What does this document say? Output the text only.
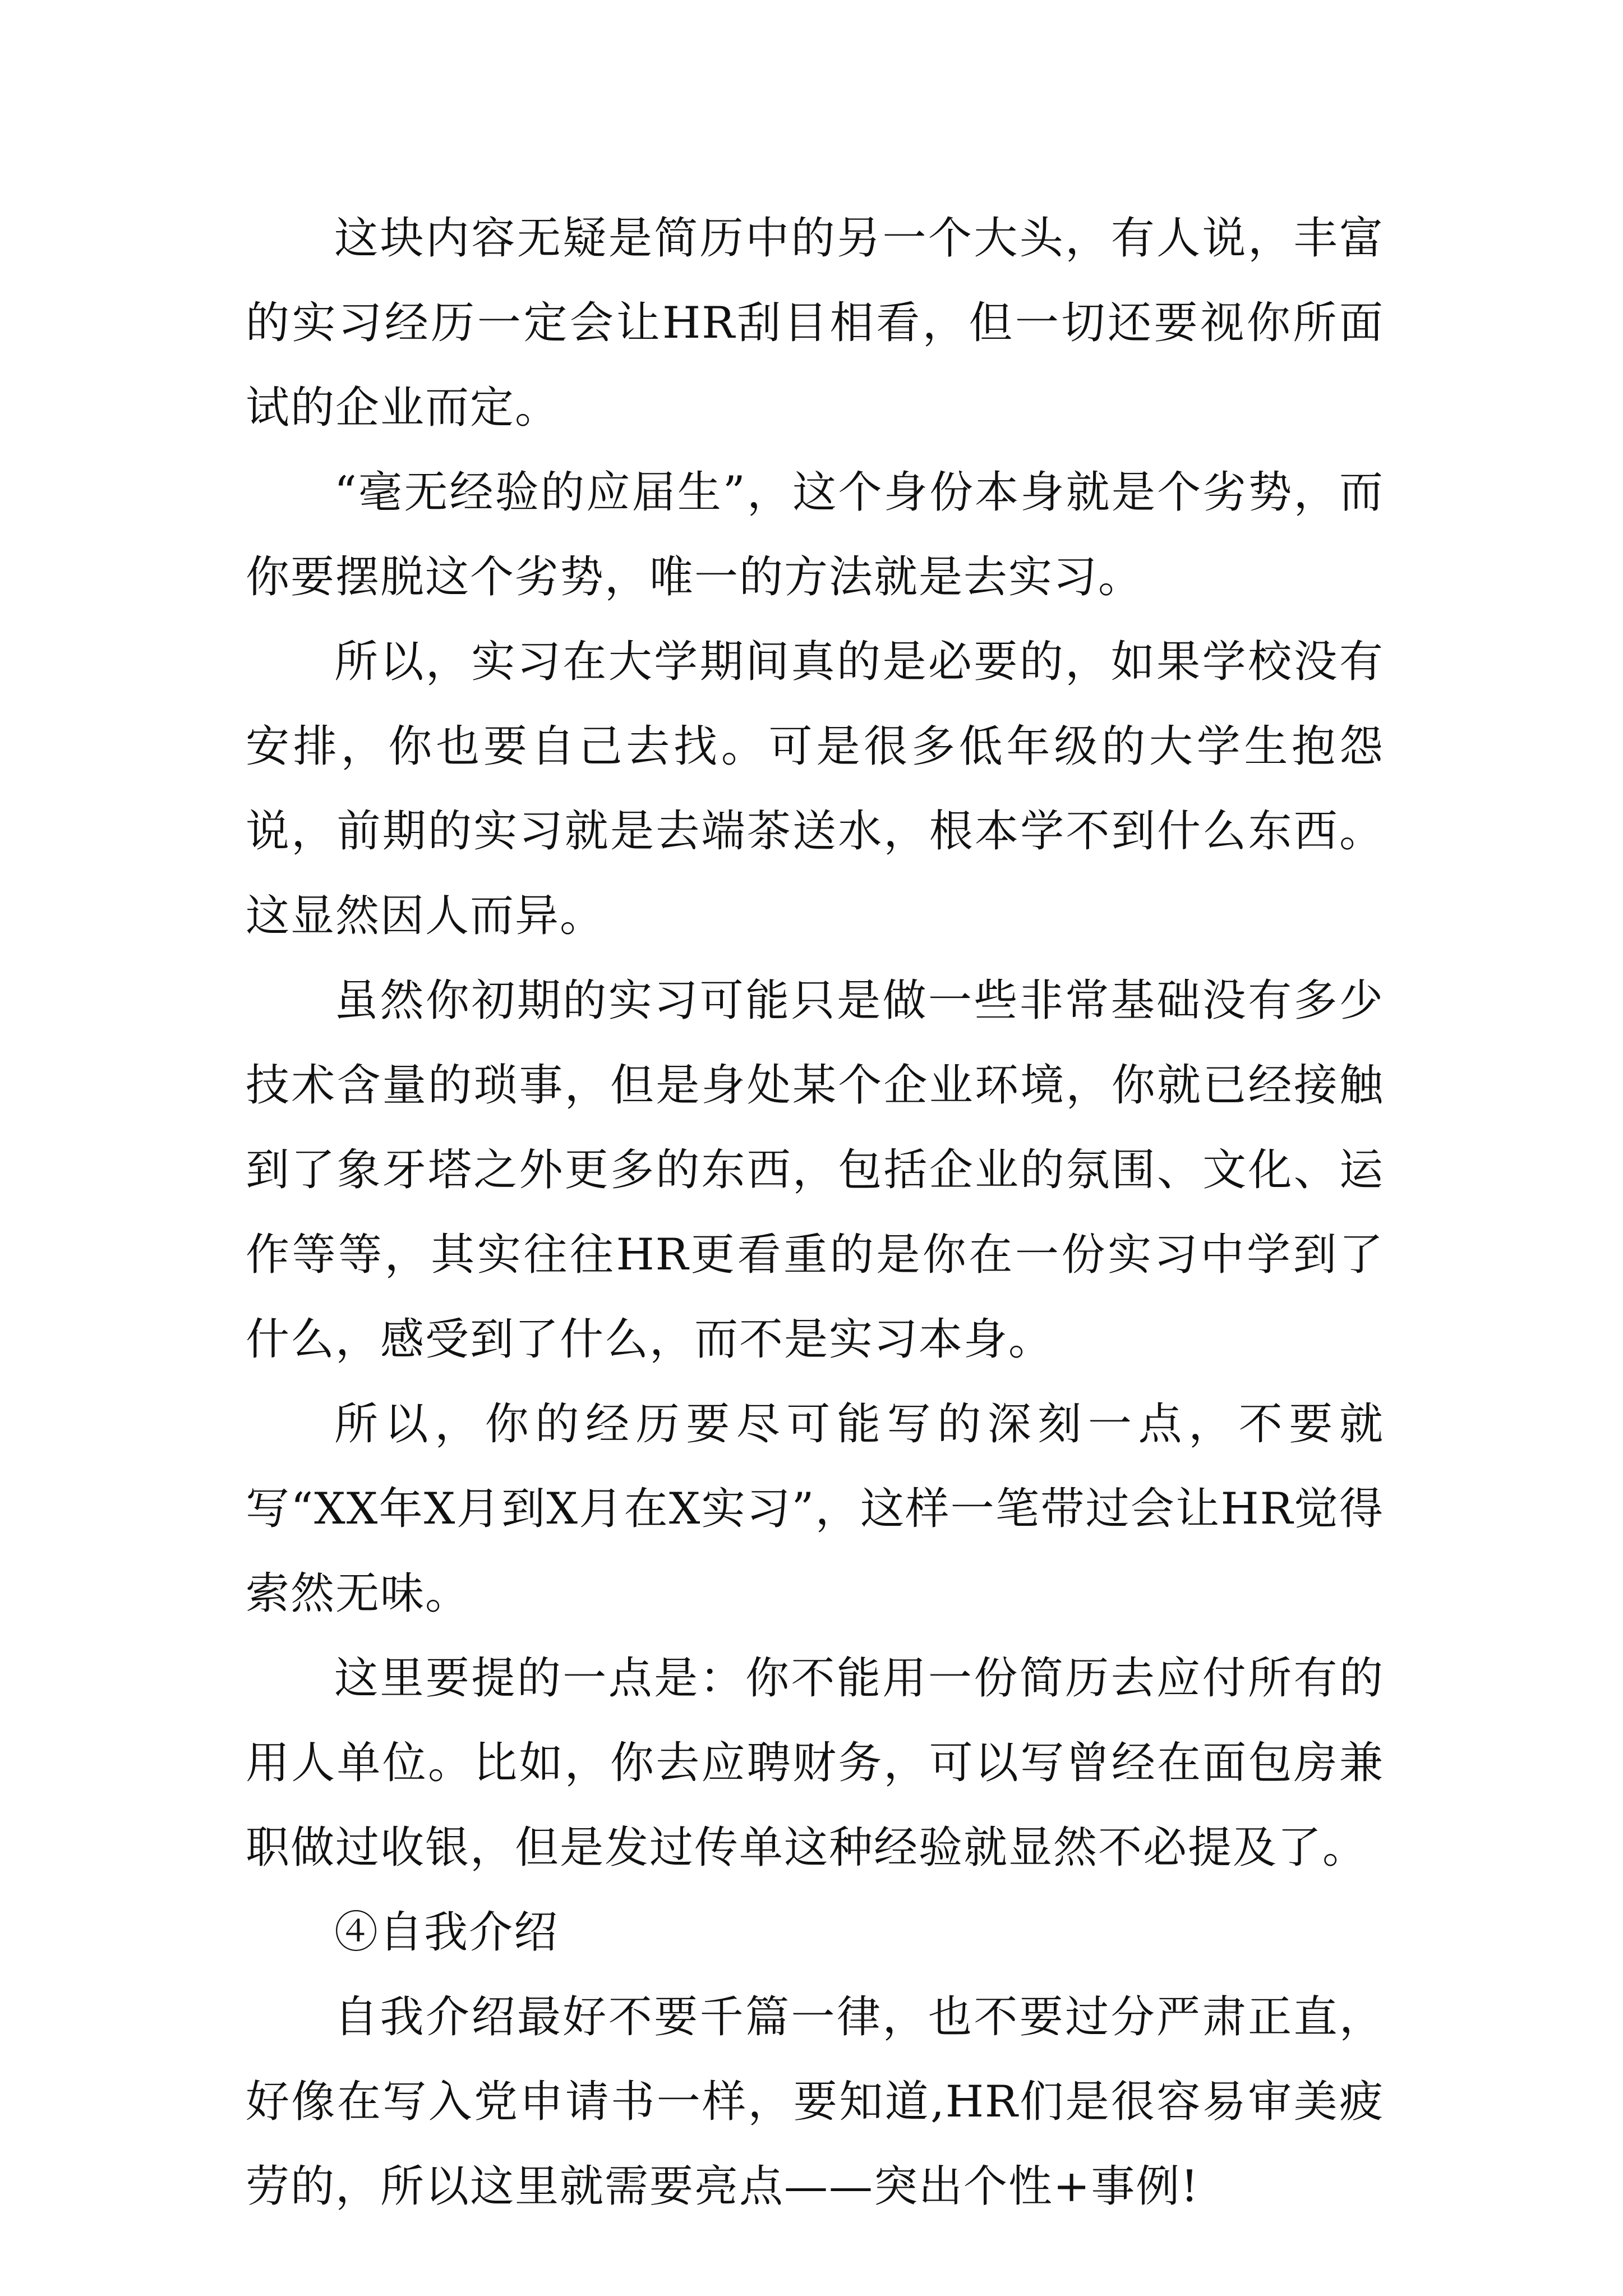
这块内容无疑是简历中的另一个大头，有人说，丰富的实习经历一定会让HR刮目相看，但一切还要视你所面试的企业而定。

“毫无经验的应届生”，这个身份本身就是个劣势，而你要摆脱这个劣势，唯一的方法就是去实习。

所以，实习在大学期间真的是必要的，如果学校没有安排，你也要自己去找。可是很多低年级的大学生抱怨说，前期的实习就是去端茶送水，根本学不到什么东西。这显然因人而异。

虽然你初期的实习可能只是做一些非常基础没有多少技术含量的琐事，但是身处某个企业环境，你就已经接触到了象牙塔之外更多的东西，包括企业的氛围、文化、运作等等，其实往往HR更看重的是你在一份实习中学到了什么，感受到了什么，而不是实习本身。

所以，你的经历要尽可能写的深刻一点，不要就写“XX年X月到X月在X实习”，这样一笔带过会让HR觉得索然无味。

这里要提的一点是：你不能用一份简历去应付所有的用人单位。比如，你去应聘财务，可以写曾经在面包房兼职做过收银，但是发过传单这种经验就显然不必提及了。

④自我介绍

自我介绍最好不要千篇一律，也不要过分严肃正直，好像在写入党申请书一样，要知道,HR们是很容易审美疲劳的，所以这里就需要亮点——突出个性+事例!
